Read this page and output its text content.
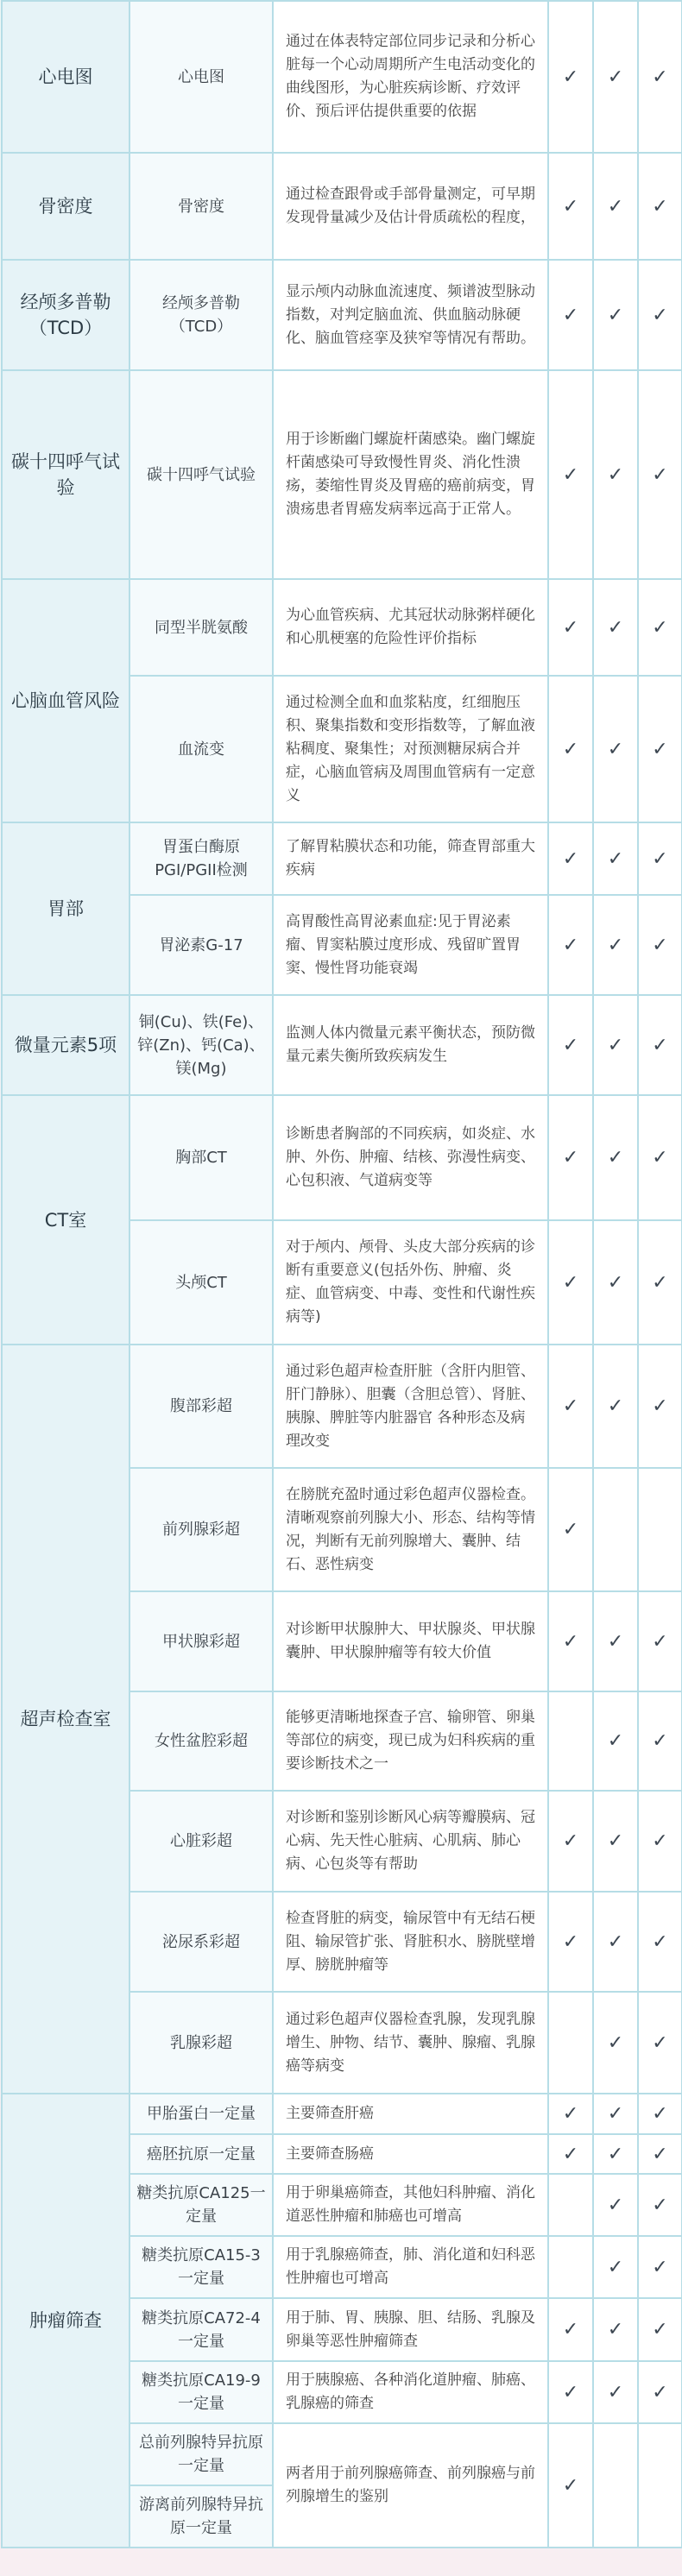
心电图	心电图	通过在体表特定部位同步记录和分析心脏每一个心动周期所产生电活动变化的曲线图形，为心脏疾病诊断、疗效评价、预后评估提供重要的依据	✓	✓	✓
骨密度	骨密度	通过检查跟骨或手部骨量测定，可早期发现骨量减少及估计骨质疏松的程度，	✓	✓	✓
经颅多普勒（TCD）	经颅多普勒（TCD）	显示颅内动脉血流速度、频谱波型脉动指数，对判定脑血流、供血脑动脉硬化、脑血管痉挛及狭窄等情况有帮助。	✓	✓	✓
碳十四呼气试验	碳十四呼气试验	用于诊断幽门螺旋杆菌感染。幽门螺旋杆菌感染可导致慢性胃炎、消化性溃疡，萎缩性胃炎及胃癌的癌前病变，胃溃疡患者胃癌发病率远高于正常人。	✓	✓	✓
心脑血管风险	同型半胱氨酸	为心血管疾病、尤其冠状动脉粥样硬化和心肌梗塞的危险性评价指标	✓	✓	✓
	血流变	通过检测全血和血浆粘度，红细胞压积、聚集指数和变形指数等，了解血液粘稠度、聚集性；对预测糖尿病合并症，心脑血管病及周围血管病有一定意义	✓	✓	✓
胃部	胃蛋白酶原PGI/PGII检测	了解胃粘膜状态和功能，筛查胃部重大疾病	✓	✓	✓
	胃泌素G-17	高胃酸性高胃泌素血症:见于胃泌素瘤、胃窦粘膜过度形成、残留旷置胃窦、慢性肾功能衰竭	✓	✓	✓
微量元素5项	铜(Cu)、铁(Fe)、锌(Zn)、钙(Ca)、镁(Mg)	监测人体内微量元素平衡状态，预防微量元素失衡所致疾病发生	✓	✓	✓
CT室	胸部CT	诊断患者胸部的不同疾病，如炎症、水肿、外伤、肿瘤、结核、弥漫性病变、心包积液、气道病变等	✓	✓	✓
	头颅CT	对于颅内、颅骨、头皮大部分疾病的诊断有重要意义(包括外伤、肿瘤、炎症、血管病变、中毒、变性和代谢性疾病等)	✓	✓	✓
超声检查室	腹部彩超	通过彩色超声检查肝脏（含肝内胆管、肝门静脉）、胆囊（含胆总管）、肾脏、胰腺、脾脏等内脏器官 各种形态及病理改变	✓	✓	✓
	前列腺彩超	在膀胱充盈时通过彩色超声仪器检查。清晰观察前列腺大小、形态、结构等情况，判断有无前列腺增大、囊肿、结石、恶性病变	✓		
	甲状腺彩超	对诊断甲状腺肿大、甲状腺炎、甲状腺囊肿、甲状腺肿瘤等有较大价值	✓	✓	✓
	女性盆腔彩超	能够更清晰地探查子宫、输卵管、卵巢等部位的病变，现已成为妇科疾病的重要诊断技术之一		✓	✓
	心脏彩超	对诊断和鉴别诊断风心病等瓣膜病、冠心病、先天性心脏病、心肌病、肺心病、心包炎等有帮助	✓	✓	✓
	泌尿系彩超	检查肾脏的病变，输尿管中有无结石梗阻、输尿管扩张、肾脏积水、膀胱壁增厚、膀胱肿瘤等	✓	✓	✓
	乳腺彩超	通过彩色超声仪器检查乳腺，发现乳腺增生、肿物、结节、囊肿、腺瘤、乳腺癌等病变		✓	✓
肿瘤筛查	甲胎蛋白一定量	主要筛查肝癌	✓	✓	✓
	癌胚抗原一定量	主要筛查肠癌	✓	✓	✓
	糖类抗原CA125一定量	用于卵巢癌筛查，其他妇科肿瘤、消化道恶性肿瘤和肺癌也可增高		✓	✓
	糖类抗原CA15-3一定量	用于乳腺癌筛查，肺、消化道和妇科恶性肿瘤也可增高		✓	✓
	糖类抗原CA72-4一定量	用于肺、胃、胰腺、胆、结肠、乳腺及卵巢等恶性肿瘤筛查	✓	✓	✓
	糖类抗原CA19-9一定量	用于胰腺癌、各种消化道肿瘤、肺癌、乳腺癌的筛查	✓	✓	✓
	总前列腺特异抗原一定量	两者用于前列腺癌筛查、前列腺癌与前列腺增生的鉴别	✓		
	游离前列腺特异抗原一定量				
